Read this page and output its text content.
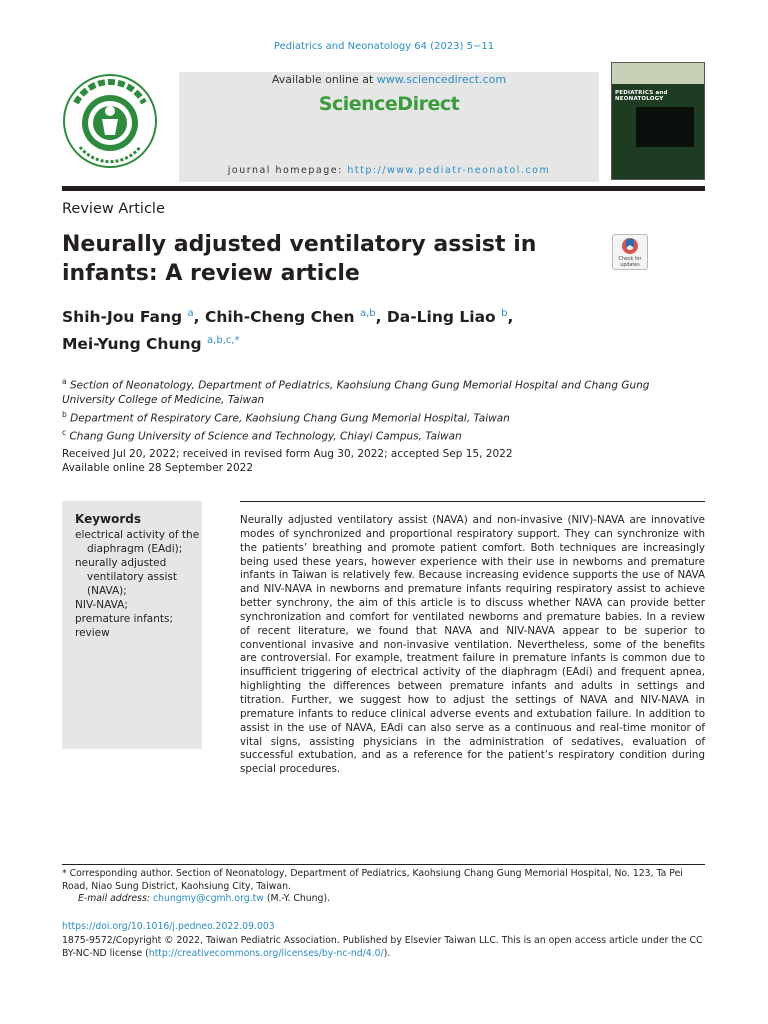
Pediatrics and Neonatology 64 (2023) 5−11
Available online at www.sciencedirect.com
ScienceDirect
journal homepage: http://www.pediatr-neonatol.com
PEDIATRICS and NEONATOLOGY
Review Article
Neurally adjusted ventilatory assist in infants: A review article
Check for updates
Shih-Jou Fang $^a$, Chih-Cheng Chen $^{a,b}$, Da-Ling Liao $^b$,
Mei-Yung Chung $^{a,b,c,*}$
$^a$ Section of Neonatology, Department of Pediatrics, Kaohsiung Chang Gung Memorial Hospital and Chang Gung University College of Medicine, Taiwan
$^b$ Department of Respiratory Care, Kaohsiung Chang Gung Memorial Hospital, Taiwan
$^c$ Chang Gung University of Science and Technology, Chiayi Campus, Taiwan
Received Jul 20, 2022; received in revised form Aug 30, 2022; accepted Sep 15, 2022
Available online 28 September 2022
Keywords
electrical activity of the diaphragm (EAdi);
neurally adjusted ventilatory assist (NAVA);
NIV-NAVA;
premature infants;
review
Neurally adjusted ventilatory assist (NAVA) and non-invasive (NIV)-NAVA are innovative modes of synchronized and proportional respiratory support. They can synchronize with the patients’ breathing and promote patient comfort. Both techniques are increasingly being used these years, however experience with their use in newborns and premature infants in Taiwan is relatively few. Because increasing evidence supports the use of NAVA and NIV-NAVA in newborns and premature infants requiring respiratory assist to achieve better synchrony, the aim of this article is to discuss whether NAVA can provide better synchronization and comfort for ventilated newborns and premature babies. In a review of recent literature, we found that NAVA and NIV-NAVA appear to be superior to conventional invasive and non-invasive ventilation. Nevertheless, some of the benefits are controversial. For example, treatment failure in premature infants is common due to insufficient triggering of electrical activity of the diaphragm (EAdi) and frequent apnea, highlighting the differences between premature infants and adults in settings and titration. Further, we suggest how to adjust the settings of NAVA and NIV-NAVA in premature infants to reduce clinical adverse events and extubation failure. In addition to assist in the use of NAVA, EAdi can also serve as a continuous and real-time monitor of vital signs, assisting physicians in the administration of sedatives, evaluation of successful extubation, and as a reference for the patient’s respiratory condition during special procedures.
* Corresponding author. Section of Neonatology, Department of Pediatrics, Kaohsiung Chang Gung Memorial Hospital, No. 123, Ta Pei Road, Niao Sung District, Kaohsiung City, Taiwan.
E-mail address: chungmy@cgmh.org.tw (M.-Y. Chung).
https://doi.org/10.1016/j.pedneo.2022.09.003
1875-9572/Copyright © 2022, Taiwan Pediatric Association. Published by Elsevier Taiwan LLC. This is an open access article under the CC BY-NC-ND license (http://creativecommons.org/licenses/by-nc-nd/4.0/).
